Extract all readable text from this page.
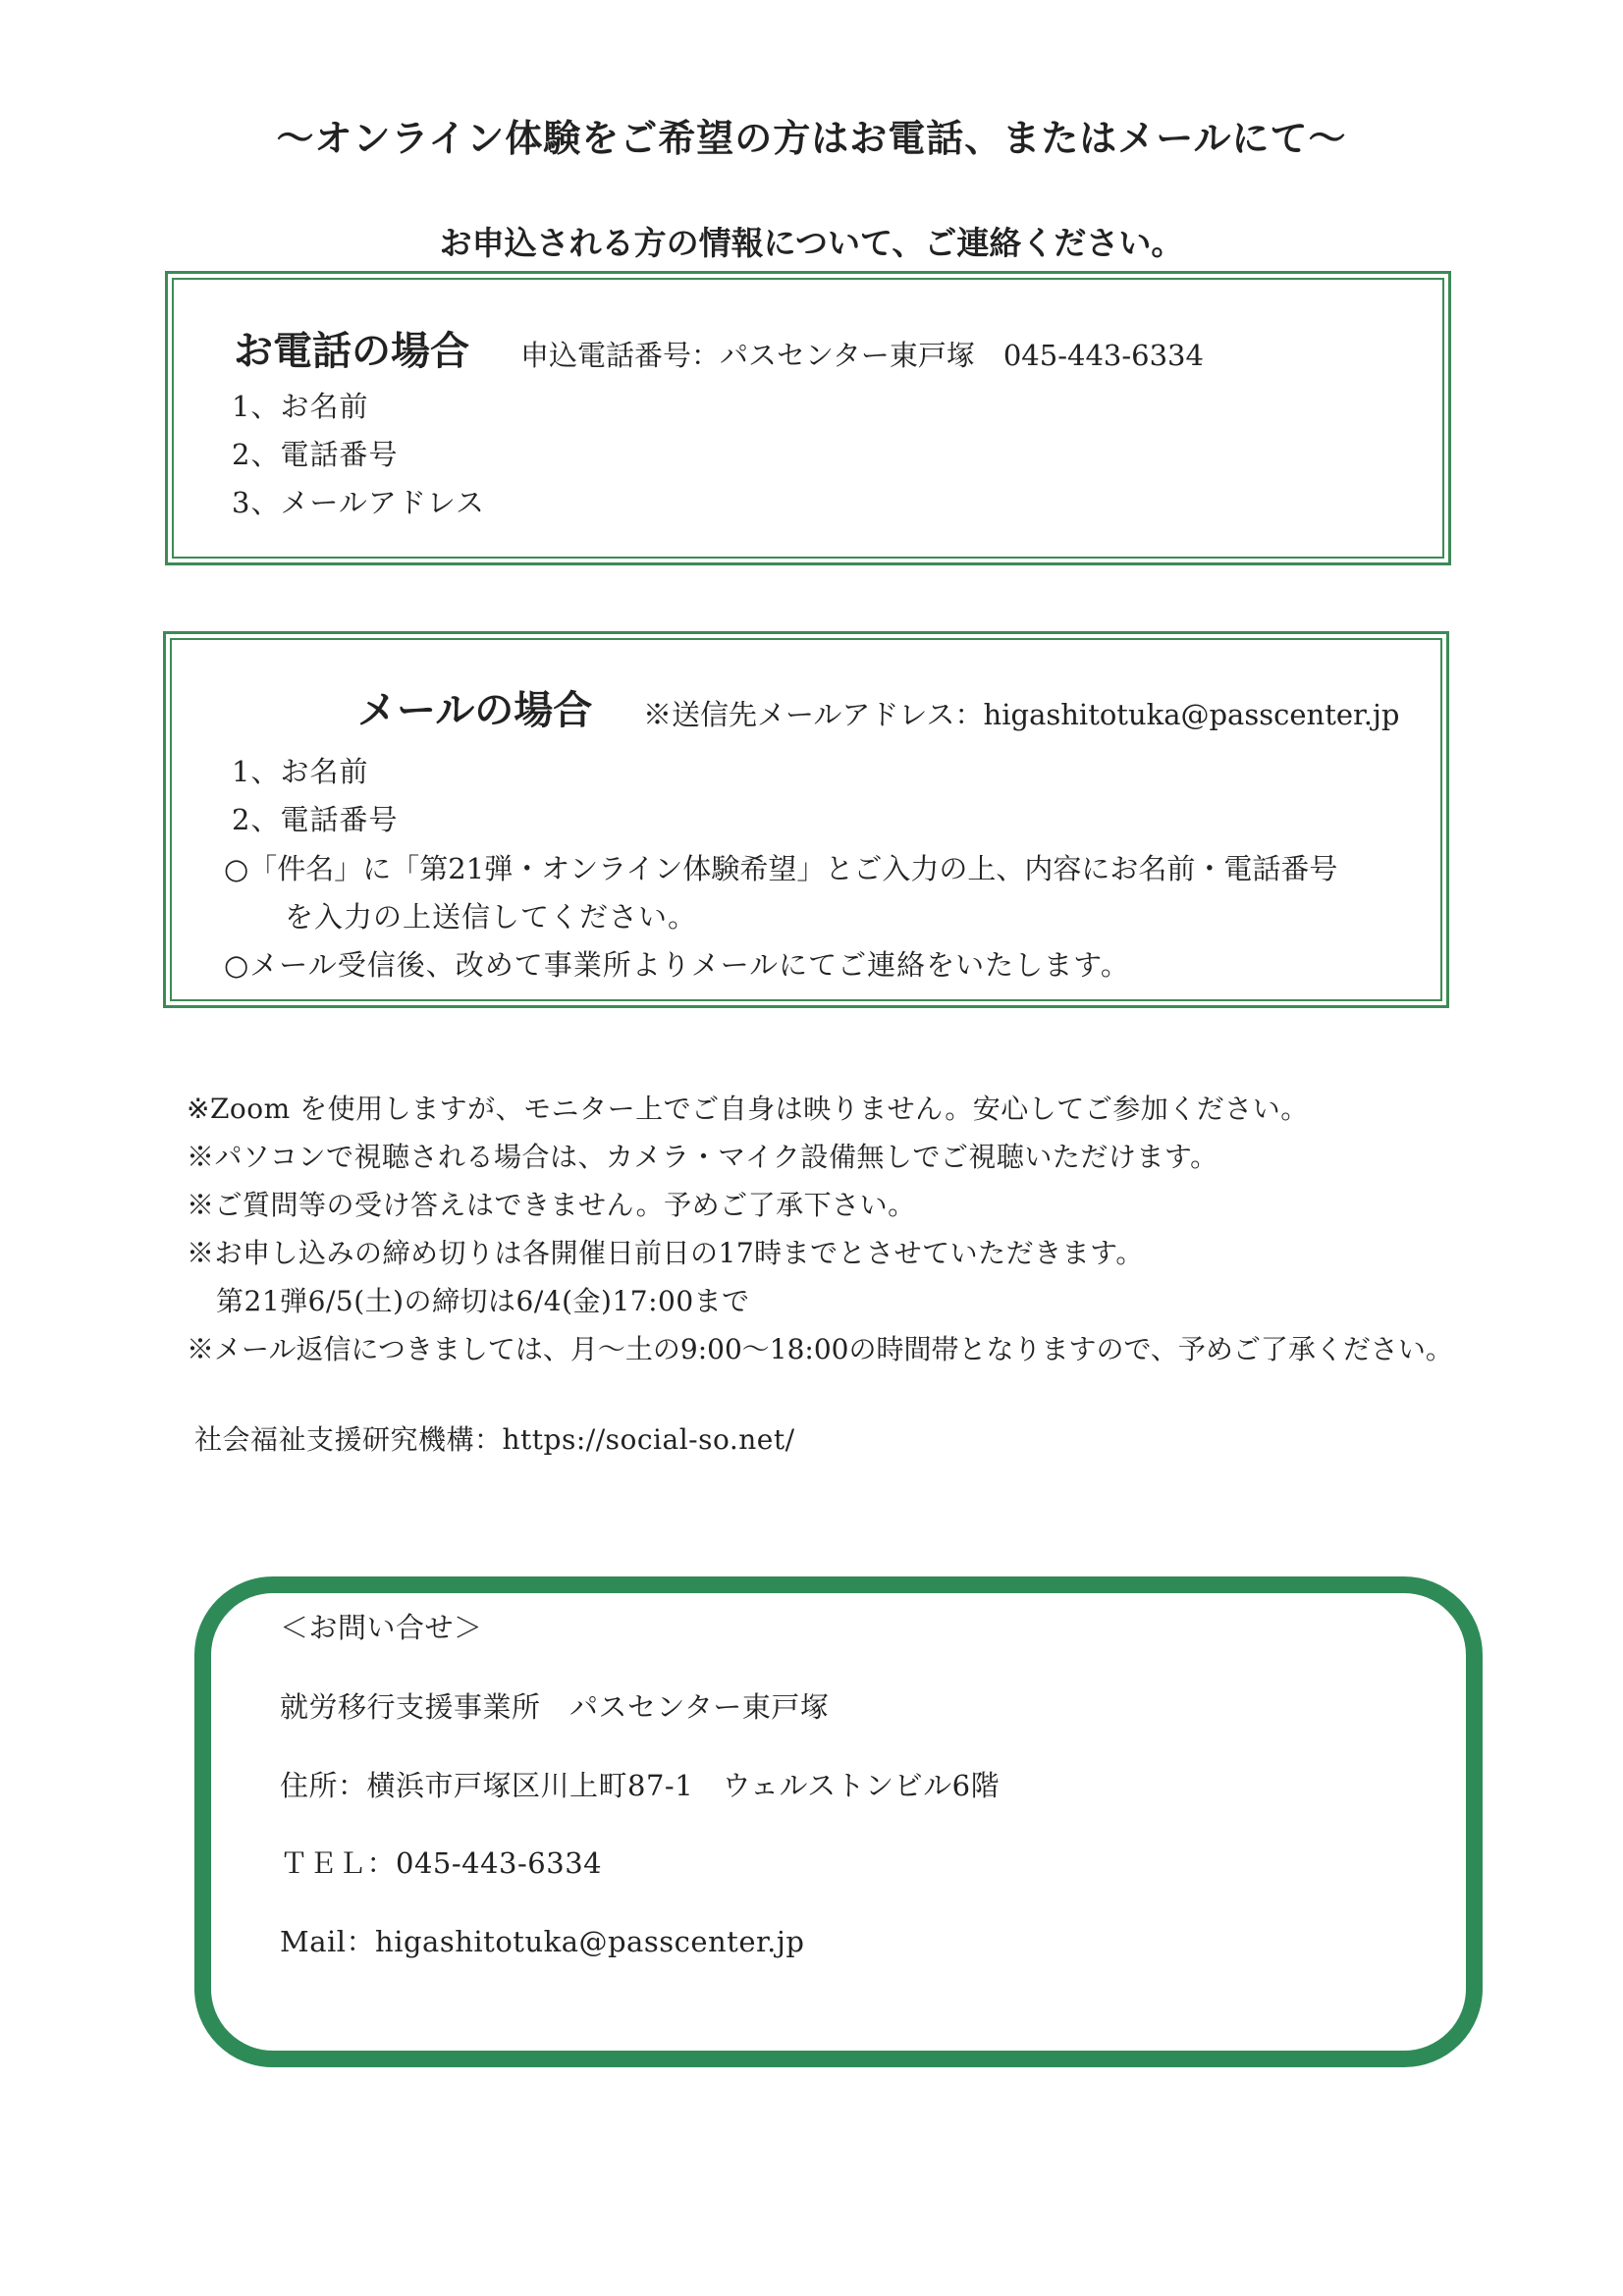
～オンライン体験をご希望の方はお電話、またはメールにて～
お申込される方の情報について、ご連絡ください。
お電話の場合 申込電話番号：パスセンター東戸塚　045-443-6334
1、お名前
2、電話番号
3、メールアドレス
メールの場合 ※送信先メールアドレス：higashitotuka@passcenter.jp
1、お名前
2、電話番号
○「件名」に「第21弾・オンライン体験希望」とご入力の上、内容にお名前・電話番号
を入力の上送信してください。
○メール受信後、改めて事業所よりメールにてご連絡をいたします。
※Zoom を使用しますが、モニター上でご自身は映りません。安心してご参加ください。
※パソコンで視聴される場合は、カメラ・マイク設備無しでご視聴いただけます。
※ご質問等の受け答えはできません。予めご了承下さい。
※お申し込みの締め切りは各開催日前日の17時までとさせていただきます。
第21弾6/5(土)の締切は6/4(金)17:00まで
※メール返信につきましては、月～土の9:00～18:00の時間帯となりますので、予めご了承ください。
社会福祉支援研究機構：https://social-so.net/
＜お問い合せ＞
就労移行支援事業所　パスセンター東戸塚
住所：横浜市戸塚区川上町87-1　ウェルストンビル6階
ＴＥＬ：045-443-6334
Mail：higashitotuka@passcenter.jp
